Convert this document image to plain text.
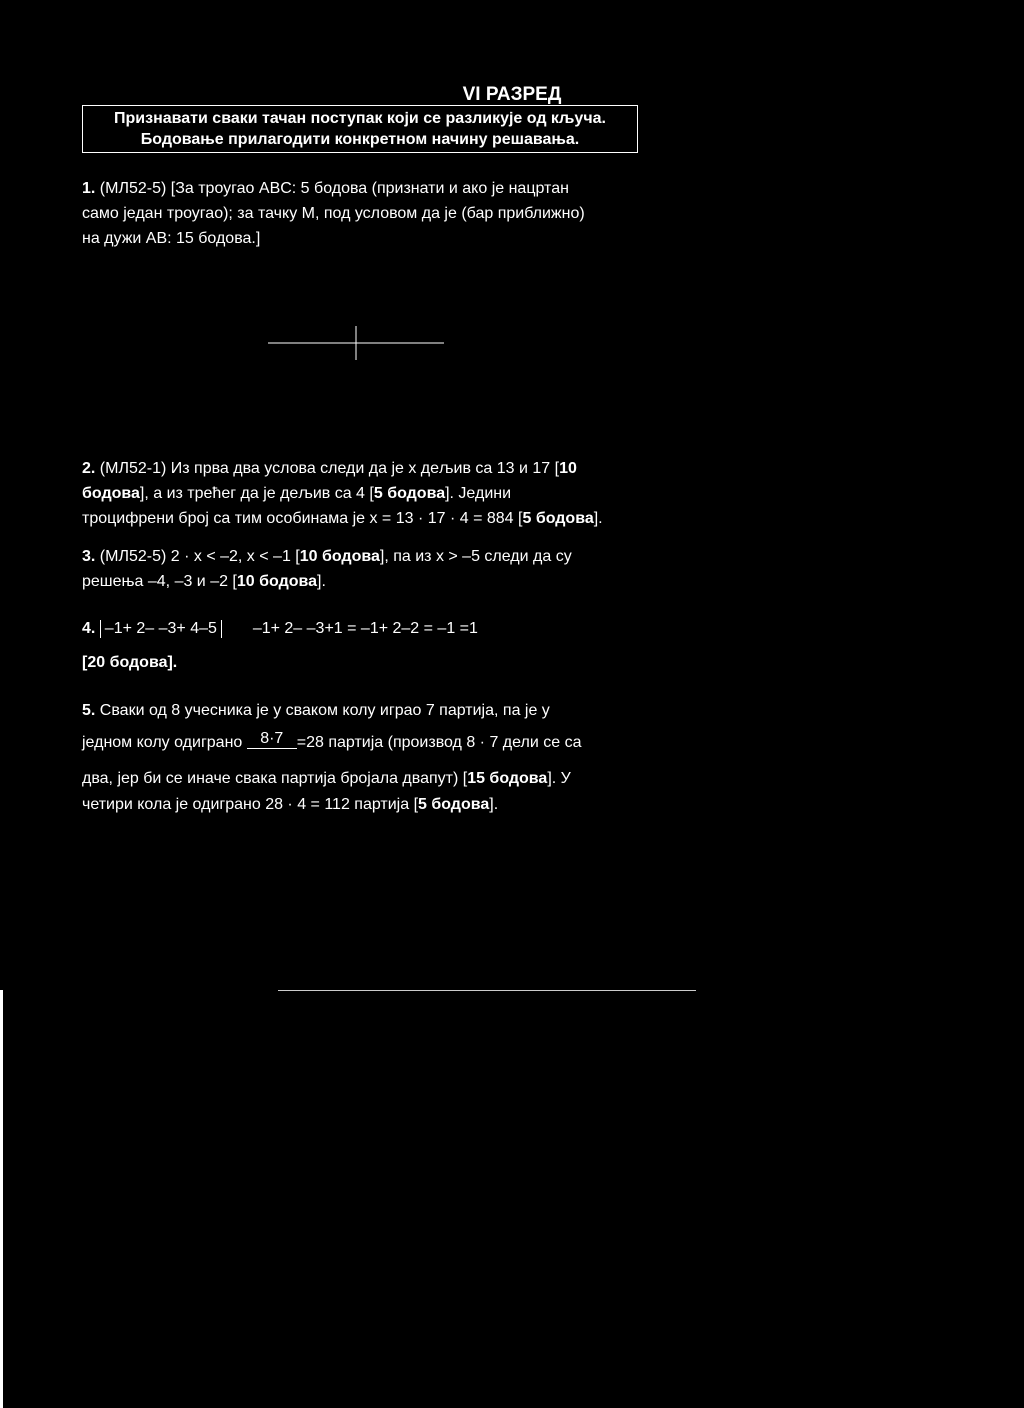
VI РАЗРЕД
Признавати сваки тачан поступак који се разликује од кључа.
Бодовање прилагодити конкретном начину решавања.
1. (МЛ52-5) [За троугао ABC: 5 бодова (признати и ако је нацртан
само један троугао); за тачку M, под условом да је (бар приближно)
на дужи AB: 15 бодова.]
2. (МЛ52-1) Из прва два услова следи да је x дељив са 13 и 17 [10
бодова], а из трећег да је дељив са 4 [5 бодова]. Једини
троцифрени број са тим особинама је x = 13 · 17 · 4 = 884 [5 бодова].
3. (МЛ52-5) 2 · x < –2, x < –1 [10 бодова], па из x > –5 следи да су
решења –4, –3 и –2 [10 бодова].
4. –1+ 2– –3+ 4–5 –1+ 2– –3+1 = –1+ 2–2 = –1 =1
[20 бодова].
5. Сваки од 8 учесника је у сваком колу играо 7 партија, па је у
једном колу одиграно	8·7 =28 партија (производ 8 · 7 дели се са
два, јер би се иначе свака партија бројала двапут) [15 бодова]. У
четири кола је одиграно 28 · 4 = 112 партија [5 бодова].
